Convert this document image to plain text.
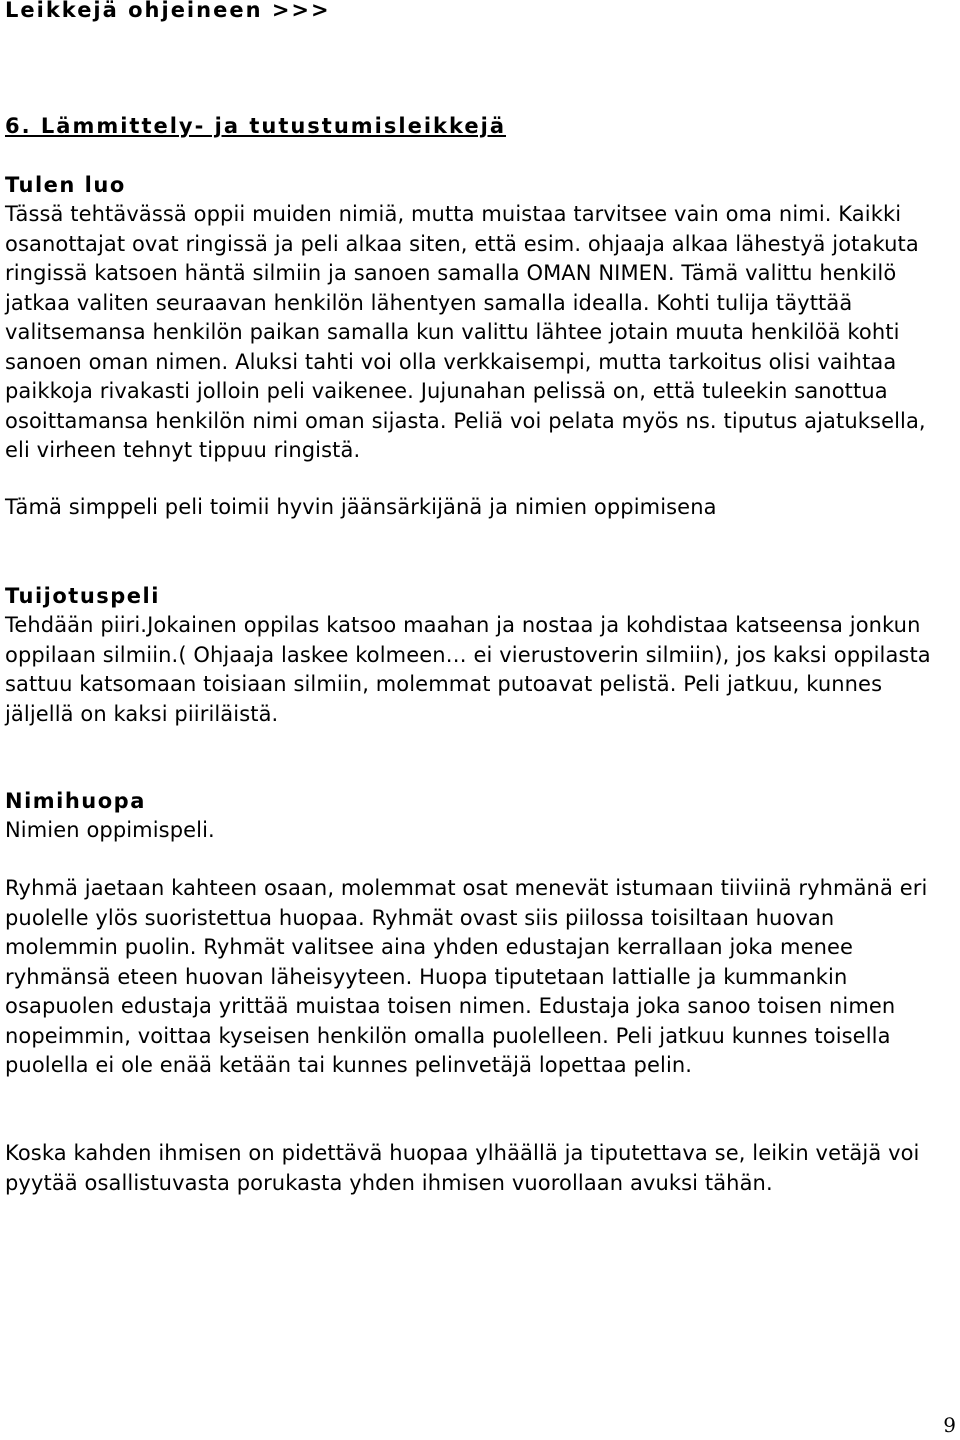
Leikkejä ohjeineen >>>
6. Lämmittely- ja tutustumisleikkejä
Tulen luo

Tässä tehtävässä oppii muiden nimiä, mutta muistaa tarvitsee vain oma nimi. Kaikki osanottajat ovat ringissä ja peli alkaa siten, että esim. ohjaaja alkaa lähestyä jotakuta ringissä katsoen häntä silmiin ja sanoen samalla OMAN NIMEN. Tämä valittu henkilö jatkaa valiten seuraavan henkilön lähentyen samalla idealla. Kohti tulija täyttää valitsemansa henkilön paikan samalla kun valittu lähtee jotain muuta henkilöä kohti sanoen oman nimen. Aluksi tahti voi olla verkkaisempi, mutta tarkoitus olisi vaihtaa paikkoja rivakasti jolloin peli vaikenee. Jujunahan pelissä on, että tuleekin sanottua osoittamansa henkilön nimi oman sijasta. Peliä voi pelata myös ns. tiputus ajatuksella, eli virheen tehnyt tippuu ringistä.

Tämä simppeli peli toimii hyvin jäänsärkijänä ja nimien oppimisena

Tuijotuspeli

Tehdään piiri.Jokainen oppilas katsoo maahan ja nostaa ja kohdistaa katseensa jonkun oppilaan silmiin.( Ohjaaja laskee kolmeen… ei vierustoverin silmiin), jos kaksi oppilasta sattuu katsomaan toisiaan silmiin, molemmat putoavat pelistä. Peli jatkuu, kunnes jäljellä on kaksi piiriläistä.

Nimihuopa

Nimien oppimispeli.

Ryhmä jaetaan kahteen osaan, molemmat osat menevät istumaan tiiviinä ryhmänä eri puolelle ylös suoristettua huopaa. Ryhmät ovast siis piilossa toisiltaan huovan molemmin puolin. Ryhmät valitsee aina yhden edustajan kerrallaan joka menee ryhmänsä eteen huovan läheisyyteen. Huopa tiputetaan lattialle ja kummankin osapuolen edustaja yrittää muistaa toisen nimen. Edustaja joka sanoo toisen nimen nopeimmin, voittaa kyseisen henkilön omalla puolelleen. Peli jatkuu kunnes toisella puolella ei ole enää ketään tai kunnes pelinvetäjä lopettaa pelin.

Koska kahden ihmisen on pidettävä huopaa ylhäällä ja tiputettava se, leikin vetäjä voi pyytää osallistuvasta porukasta yhden ihmisen vuorollaan avuksi tähän.

9
